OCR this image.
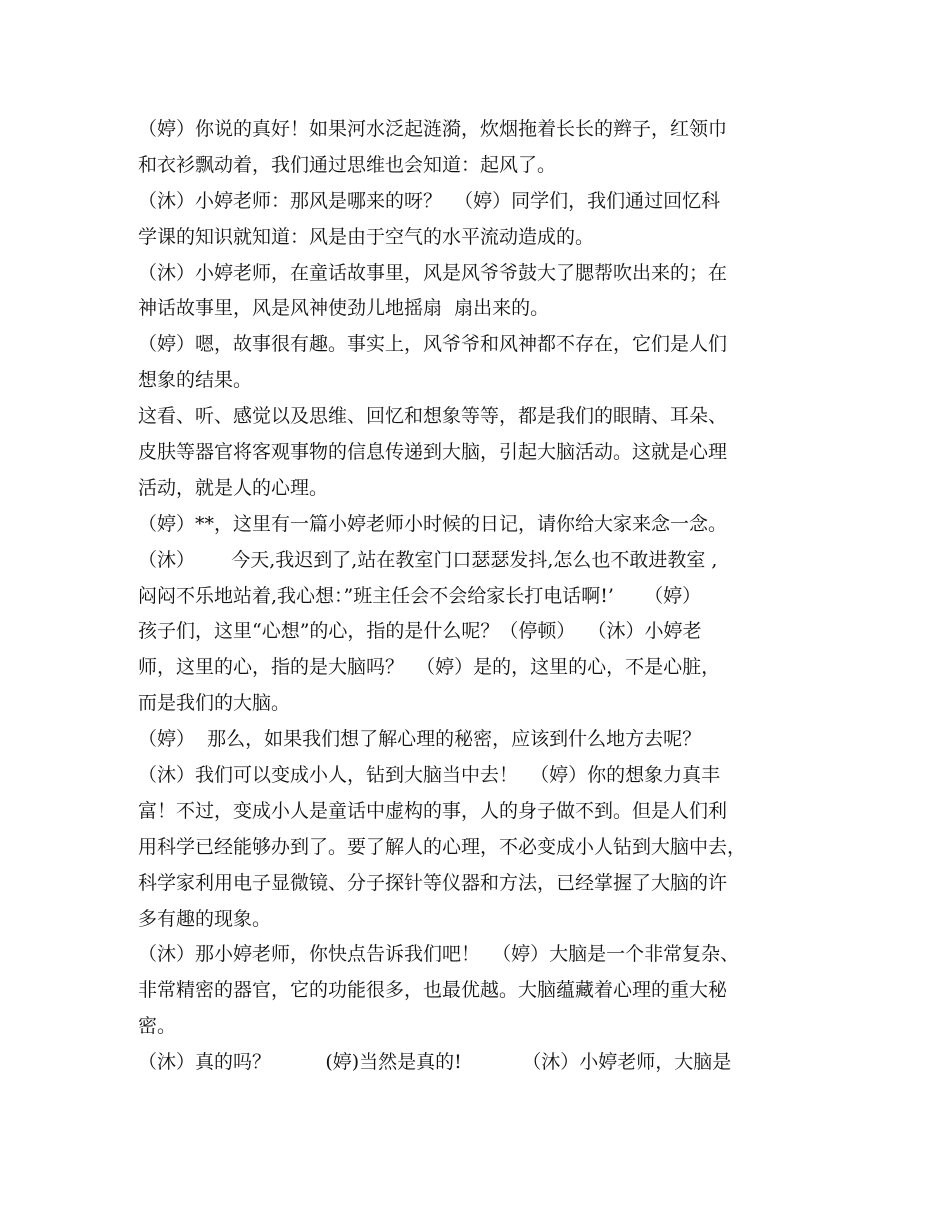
（婷）你说的真好！如果河水泛起涟漪，炊烟拖着长长的辫子，红领巾

和衣衫飘动着，我们通过思维也会知道：起风了。

（沐）小婷老师：那风是哪来的呀？  （婷）同学们，我们通过回忆科

学课的知识就知道：风是由于空气的水平流动造成的。

（沐）小婷老师，在童话故事里，风是风爷爷鼓大了腮帮吹出来的；在

神话故事里，风是风神使劲儿地摇扇  扇出来的。

（婷）嗯，故事很有趣。事实上，风爷爷和风神都不存在，它们是人们

想象的结果。

这看、听、感觉以及思维、回忆和想象等等，都是我们的眼睛、耳朵、

皮肤等器官将客观事物的信息传递到大脑，引起大脑活动。这就是心理

活动，就是人的心理。

（婷）**，这里有一篇小婷老师小时候的日记，请你给大家来念一念。

（沐）      今天,我迟到了,站在教室门口瑟瑟发抖,怎么也不敢进教室 ,

闷闷不乐地站着,我心想：”班主任会不会给家长打电话啊!’     （婷）

孩子们，这里“心想”的心，指的是什么呢？（停顿）  （沐）小婷老

师，这里的心，指的是大脑吗？  （婷）是的，这里的心，不是心脏，

而是我们的大脑。

（婷）  那么，如果我们想了解心理的秘密，应该到什么地方去呢？

（沐）我们可以变成小人，钻到大脑当中去！  （婷）你的想象力真丰

富！不过，变成小人是童话中虚构的事，人的身子做不到。但是人们利

用科学已经能够办到了。要了解人的心理，不必变成小人钻到大脑中去，

科学家利用电子显微镜、分子探针等仪器和方法，已经掌握了大脑的许

多有趣的现象。

（沐）那小婷老师，你快点告诉我们吧！  （婷）大脑是一个非常复杂、

非常精密的器官，它的功能很多，也最优越。大脑蕴藏着心理的重大秘

密。

（沐）真的吗？         (婷)当然是真的!          （沐）小婷老师，大脑是
